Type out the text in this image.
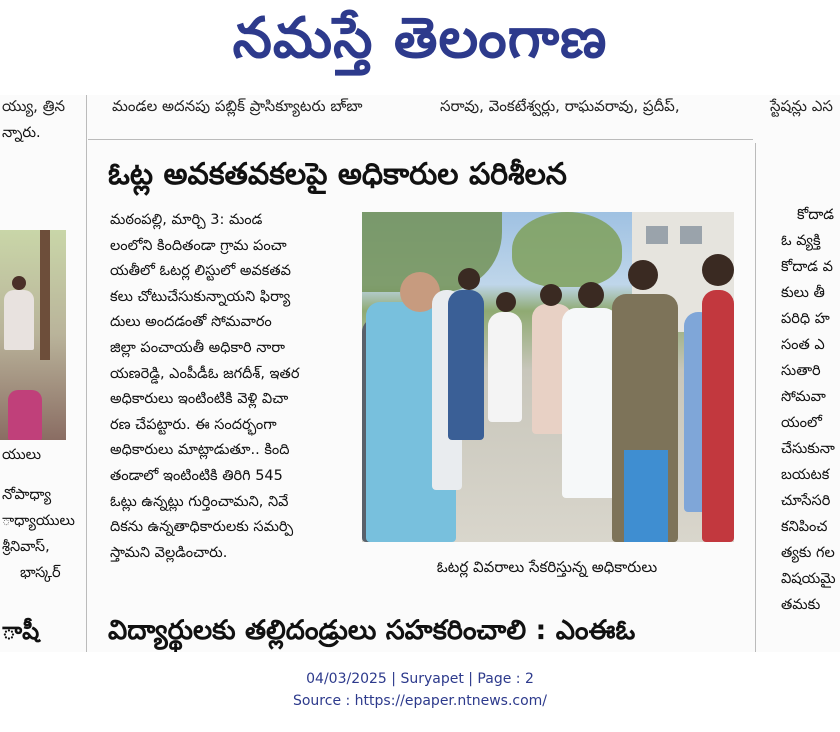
నమస్తే తెలంగాణ
య్యు, త్రిన	మండల అదనపు పబ్లిక్ ప్రాసిక్యూటరు బా్బా	సరావు, వెంకటేశ్వర్లు, రాఘవరావు, ప్రదీప్,	స్టేషన్లు ఎస
న్నారు.
యులు
నోపాధ్యా
ాధ్యాయులు
శ్రీనివాస్,
భాస్కర్
ాషీ
ఓట్ల అవకతవకలపై అధికారుల పరిశీలన
మఠంపల్లి, మార్చి 3: మండ
లంలోని కిందితండా గ్రామ పంచా
యతీలో ఓటర్ల లిస్టులో అవకతవ
కలు చోటుచేసుకున్నాయని ఫిర్యా
దులు అందడంతో సోమవారం
జిల్లా పంచాయతీ అధికారి నారా
యణరెడ్డి, ఎంపీడీఓ జగదీశ్, ఇతర
అధికారులు ఇంటింటికి వెళ్లి విచా
రణ చేపట్టారు. ఈ సందర్భంగా
అధికారులు మాట్లాడుతూ.. కింది
తండాలో ఇంటింటికి తిరిగి 545
ఓట్లు ఉన్నట్లు గుర్తించామని, నివే
దికను ఉన్నతాధికారులకు సమర్పి
స్తామని వెల్లడించారు.
ఓటర్ల వివరాలు సేకరిస్తున్న అధికారులు
విద్యార్థులకు తల్లిదండ్రులు సహకరించాలి : ఎంఈఓ
కోదాడ
ఓ వ్యక్తి
కోదాడ వ
కులు తీ
పరిధి హ
సంత ఎ
సుతారి
సోమవా
యంలో
చేసుకునా
బయటక
చూసేసరి
కనిపించ
త్యకు గల
విషయమై
తమకు
04/03/2025 | Suryapet | Page : 2
Source : https://epaper.ntnews.com/
